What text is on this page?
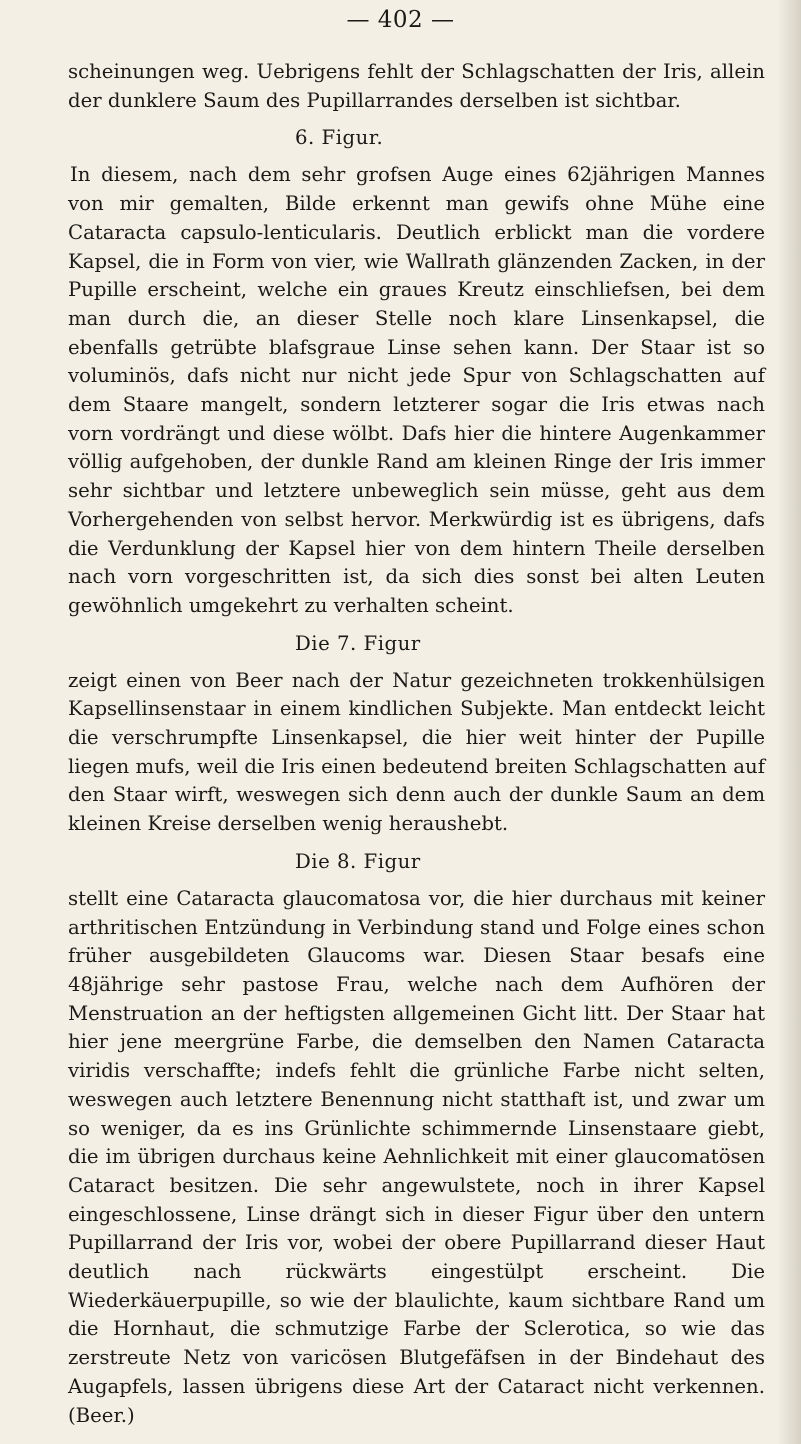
— 402 —

scheinungen weg. Uebrigens fehlt der Schlagschatten der Iris, allein der dunklere Saum des Pupillarrandes derselben ist sichtbar.

6. Figur.

In diesem, nach dem sehr grofsen Auge eines 62jährigen Mannes von mir gemalten, Bilde erkennt man gewifs ohne Mühe eine Cataracta capsulo-lenticularis. Deutlich erblickt man die vordere Kapsel, die in Form von vier, wie Wallrath glänzenden Zacken, in der Pupille erscheint, welche ein graues Kreutz einschliefsen, bei dem man durch die, an dieser Stelle noch klare Linsenkapsel, die ebenfalls getrübte blafsgraue Linse sehen kann. Der Staar ist so voluminös, dafs nicht nur nicht jede Spur von Schlagschatten auf dem Staare mangelt, sondern letzterer sogar die Iris etwas nach vorn vordrängt und diese wölbt. Dafs hier die hintere Augenkammer völlig aufgehoben, der dunkle Rand am kleinen Ringe der Iris immer sehr sichtbar und letztere unbeweglich sein müsse, geht aus dem Vorhergehenden von selbst hervor. Merkwürdig ist es übrigens, dafs die Verdunklung der Kapsel hier von dem hintern Theile derselben nach vorn vorgeschritten ist, da sich dies sonst bei alten Leuten gewöhnlich umgekehrt zu verhalten scheint.

Die 7. Figur

zeigt einen von Beer nach der Natur gezeichneten trokkenhülsigen Kapsellinsenstaar in einem kindlichen Subjekte. Man entdeckt leicht die verschrumpfte Linsenkapsel, die hier weit hinter der Pupille liegen mufs, weil die Iris einen bedeutend breiten Schlagschatten auf den Staar wirft, weswegen sich denn auch der dunkle Saum an dem kleinen Kreise derselben wenig heraushebt.

Die 8. Figur

stellt eine Cataracta glaucomatosa vor, die hier durchaus mit keiner arthritischen Entzündung in Verbindung stand und Folge eines schon früher ausgebildeten Glaucoms war. Diesen Staar besafs eine 48jährige sehr pastose Frau, welche nach dem Aufhören der Menstruation an der heftigsten allgemeinen Gicht litt. Der Staar hat hier jene meergrüne Farbe, die demselben den Namen Cataracta viridis verschaffte; indefs fehlt die grünliche Farbe nicht selten, weswegen auch letztere Benennung nicht statthaft ist, und zwar um so weniger, da es ins Grünlichte schimmernde Linsenstaare giebt, die im übrigen durchaus keine Aehnlichkeit mit einer glaucomatösen Cataract besitzen. Die sehr angewulstete, noch in ihrer Kapsel eingeschlossene, Linse drängt sich in dieser Figur über den untern Pupillarrand der Iris vor, wobei der obere Pupillarrand dieser Haut deutlich nach rückwärts eingestülpt erscheint. Die Wiederkäuerpupille, so wie der blaulichte, kaum sichtbare Rand um die Hornhaut, die schmutzige Farbe der Sclerotica, so wie das zerstreute Netz von varicösen Blutgefäfsen in der Bindehaut des Augapfels, lassen übrigens diese Art der Cataract nicht verkennen. (Beer.)
